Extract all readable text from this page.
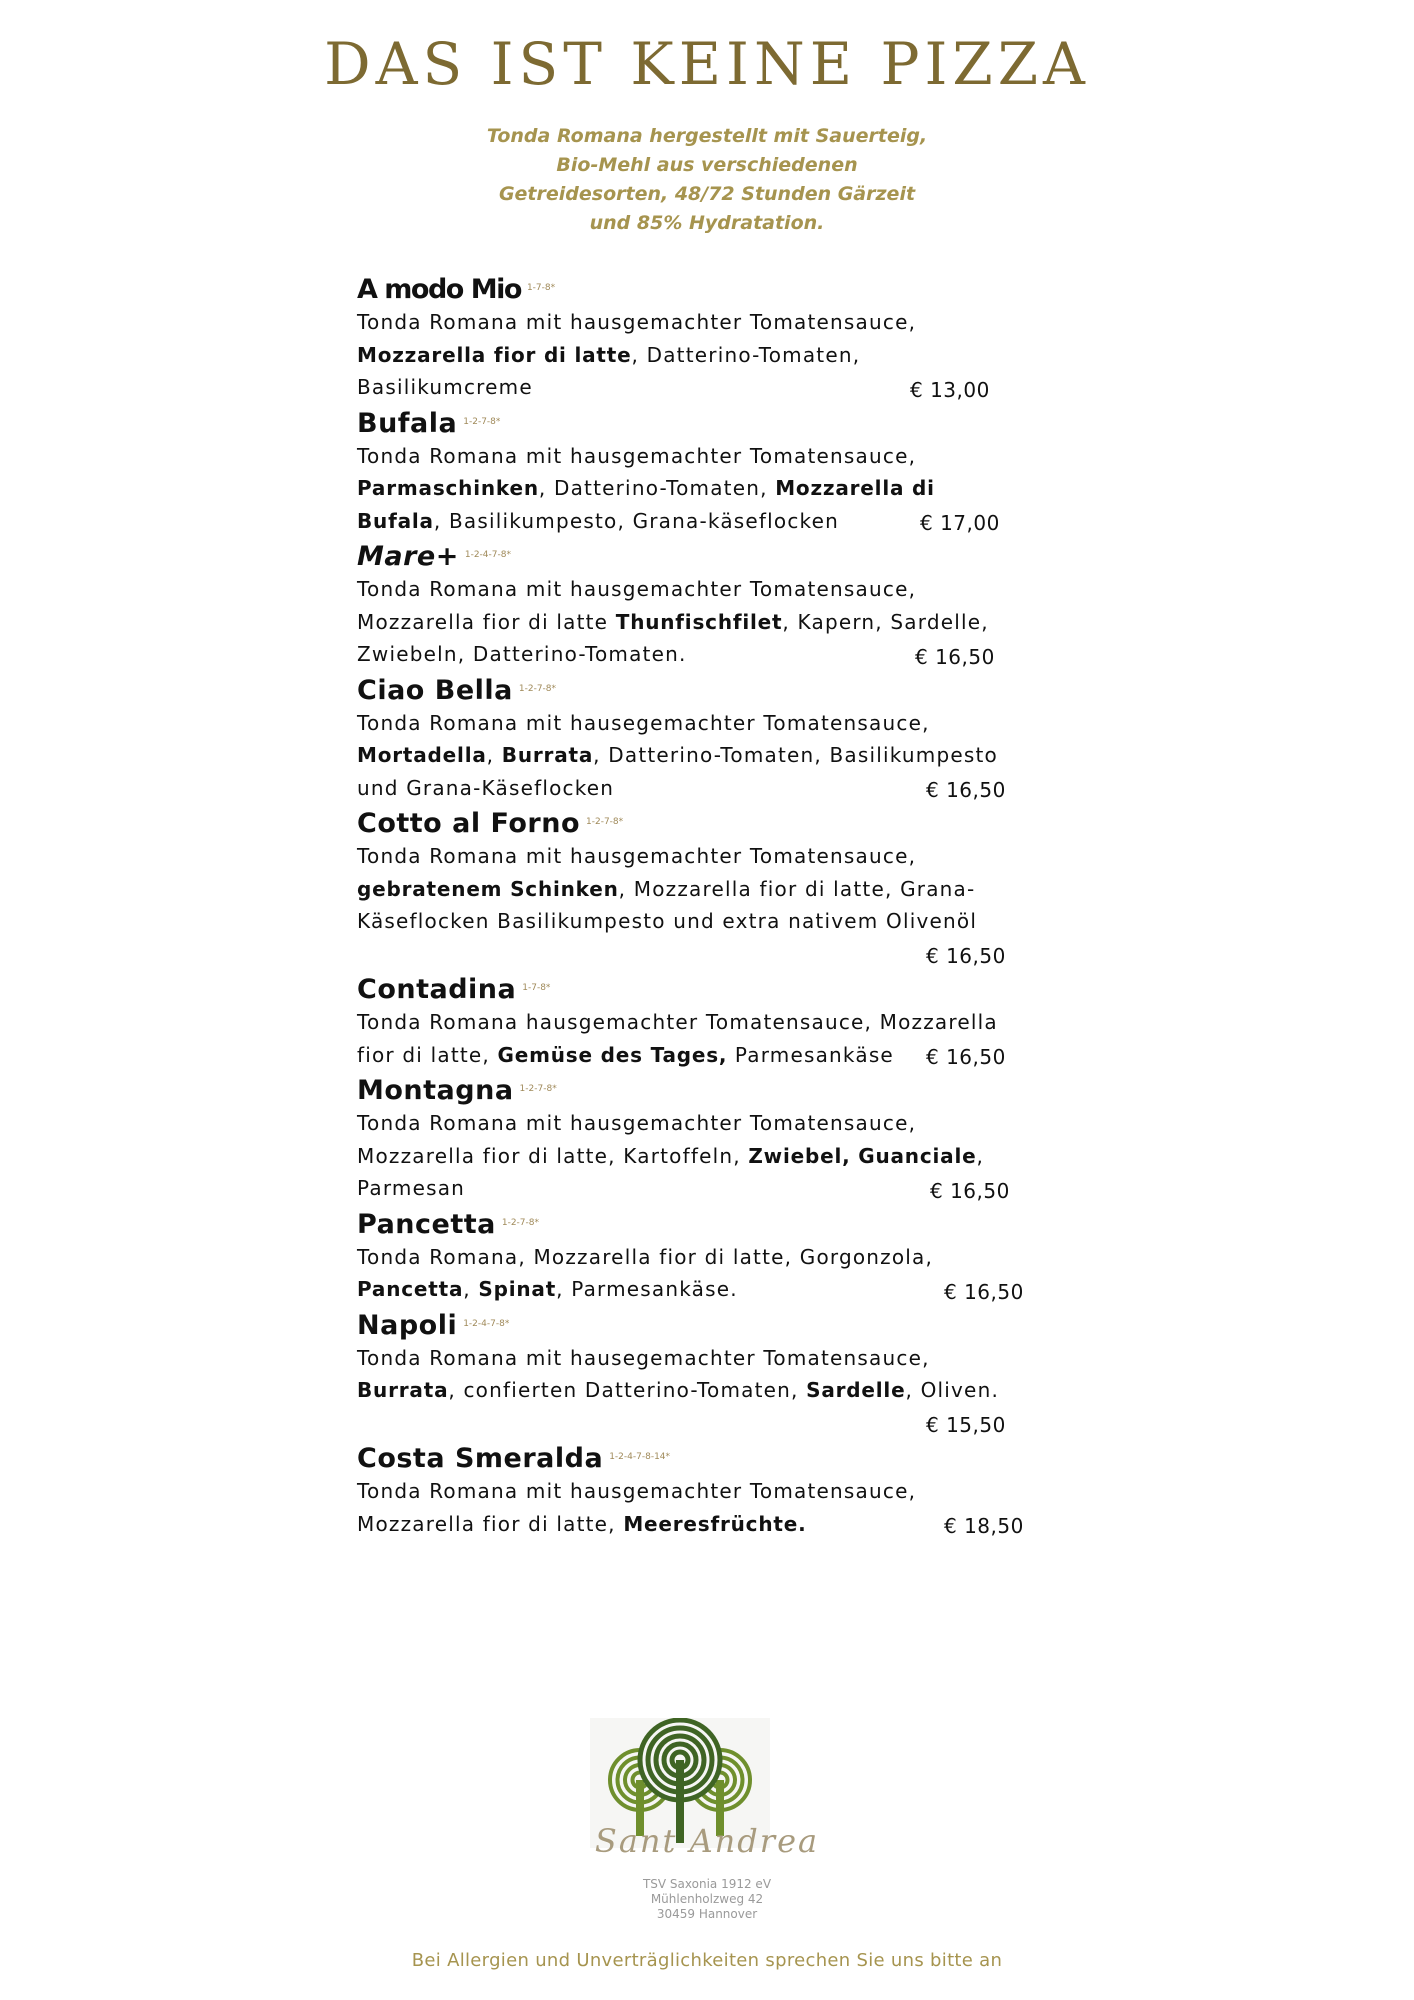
DAS IST KEINE PIZZA
Tonda Romana hergestellt mit Sauerteig,
Bio-Mehl aus verschiedenen
Getreidesorten, 48/72 Stunden Gärzeit
und 85% Hydratation.
A modo Mio $^{1-7-8*}$
Tonda Romana mit hausgemachter Tomatensauce,
Mozzarella fior di latte, Datterino-Tomaten,
Basilikumcreme	€ 13,00
Bufala $^{1-2-7-8*}$
Tonda Romana mit hausgemachter Tomatensauce,
Parmaschinken, Datterino-Tomaten, Mozzarella di
Bufala, Basilikumpesto, Grana-käseflocken	€ 17,00
Mare+ $^{1-2-4-7-8*}$
Tonda Romana mit hausgemachter Tomatensauce,
Mozzarella fior di latte Thunfischfilet, Kapern, Sardelle,
Zwiebeln, Datterino-Tomaten.	€ 16,50
Ciao Bella $^{1-2-7-8*}$
Tonda Romana mit hausegemachter Tomatensauce,
Mortadella, Burrata, Datterino-Tomaten, Basilikumpesto
und Grana-Käseflocken	€ 16,50
Cotto al Forno $^{1-2-7-8*}$
Tonda Romana mit hausgemachter Tomatensauce,
gebratenem Schinken, Mozzarella fior di latte, Grana-
Käseflocken Basilikumpesto und extra nativem Olivenöl

€ 16,50
Contadina $^{1-7-8*}$
Tonda Romana hausgemachter Tomatensauce, Mozzarella
fior di latte, Gemüse des Tages, Parmesankäse	€ 16,50
Montagna $^{1-2-7-8*}$
Tonda Romana mit hausgemachter Tomatensauce,
Mozzarella fior di latte, Kartoffeln, Zwiebel, Guanciale,
Parmesan	€ 16,50
Pancetta $^{1-2-7-8*}$
Tonda Romana, Mozzarella fior di latte, Gorgonzola,
Pancetta, Spinat, Parmesankäse.	€ 16,50
Napoli $^{1-2-4-7-8*}$
Tonda Romana mit hausegemachter Tomatensauce,
Burrata, confierten Datterino-Tomaten, Sardelle, Oliven.

€ 15,50
Costa Smeralda $^{1-2-4-7-8-14*}$
Tonda Romana mit hausgemachter Tomatensauce,
Mozzarella fior di latte, Meeresfrüchte.	€ 18,50
Sant Andrea
TSV Saxonia 1912 eV
Mühlenholzweg 42
30459 Hannover
Bei Allergien und Unverträglichkeiten sprechen Sie uns bitte an
